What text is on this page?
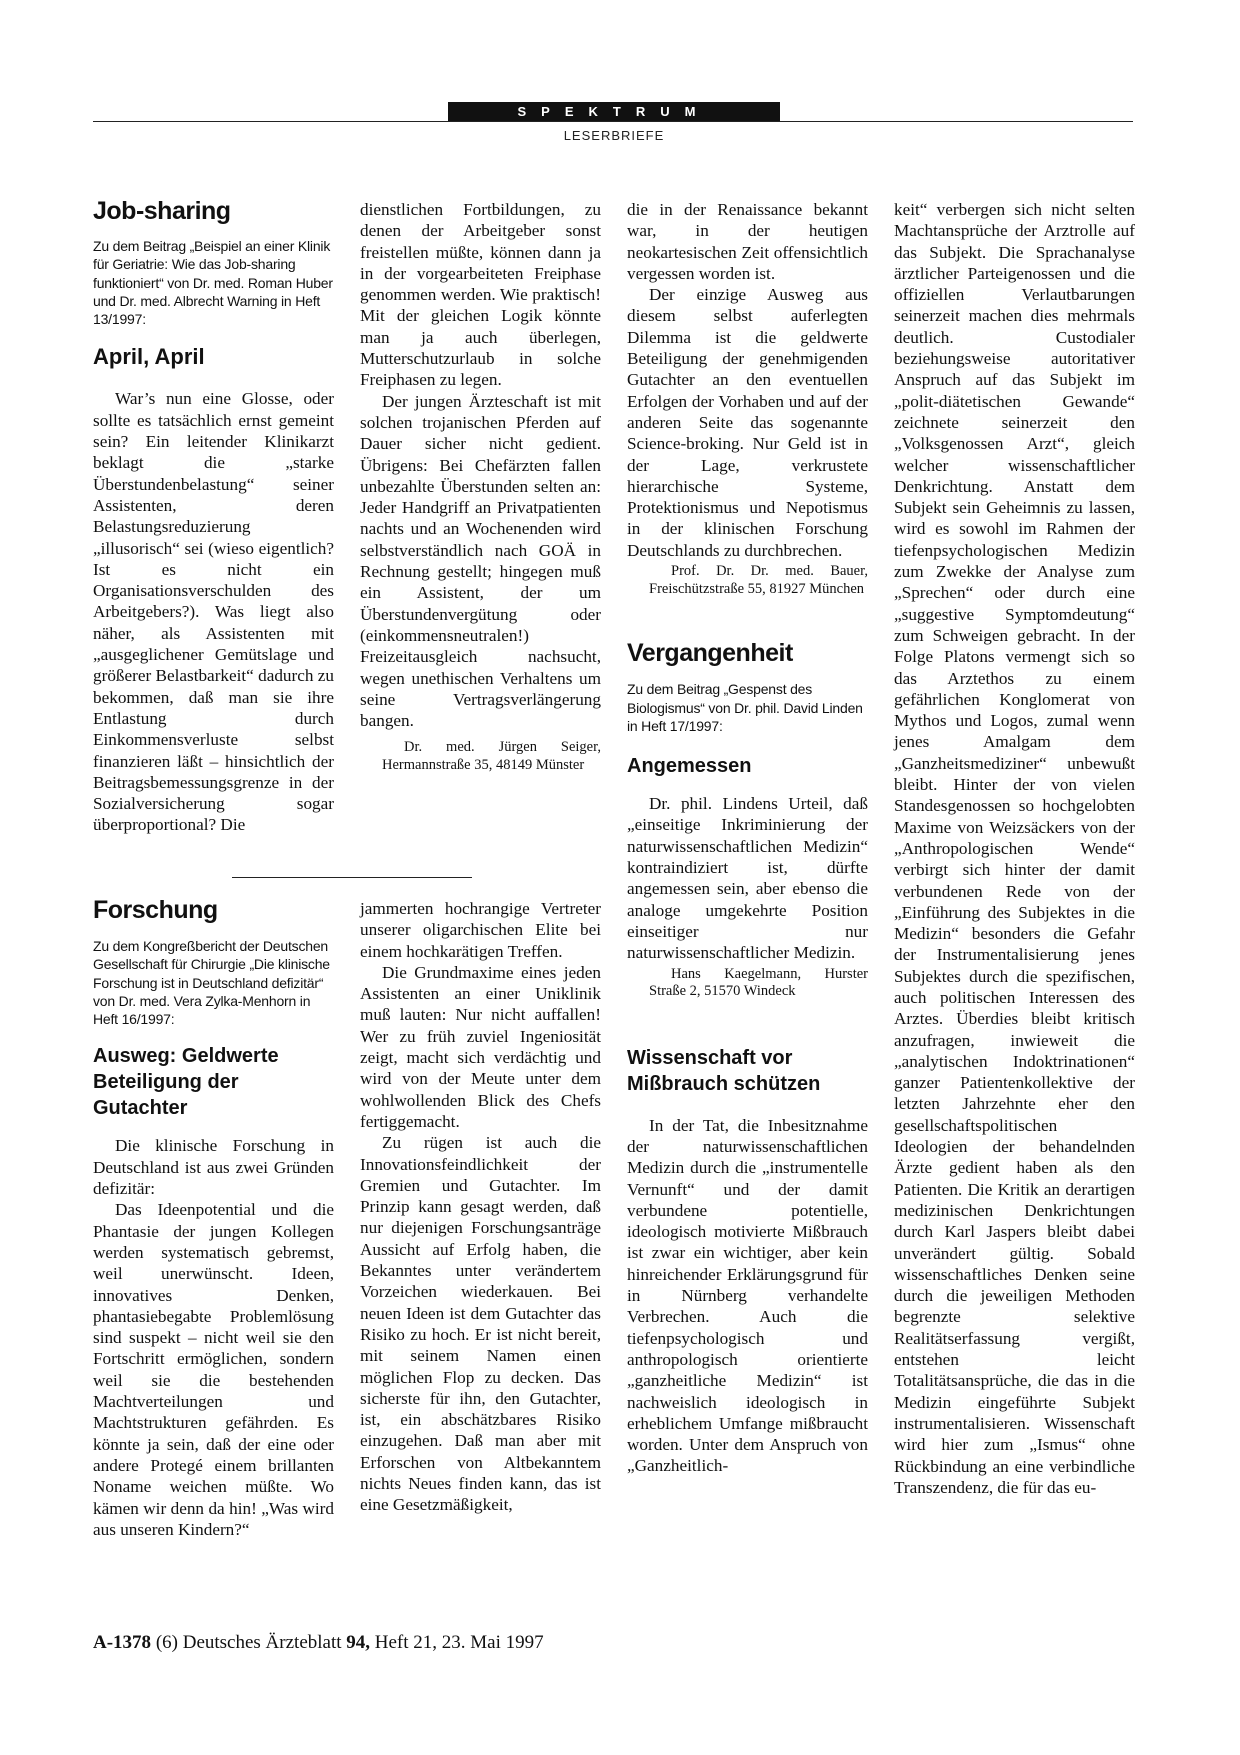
SPEKTRUM
LESERBRIEFE
Job-sharing

Zu dem Beitrag „Beispiel an einer Klinik für Geriatrie: Wie das Job-sharing funktioniert“ von Dr. med. Roman Huber und Dr. med. Albrecht Warning in Heft 13/1997:

April, April

War’s nun eine Glosse, oder sollte es tatsächlich ernst gemeint sein? Ein leitender Klinikarzt beklagt die „starke Überstundenbelastung“ seiner Assistenten, deren Belastungsreduzierung „illusorisch“ sei (wieso eigentlich? Ist es nicht ein Organisationsverschulden des Arbeitgebers?). Was liegt also näher, als Assistenten mit „ausgeglichener Gemütslage und größerer Belastbarkeit“ dadurch zu bekommen, daß man sie ihre Entlastung durch Einkommensverluste selbst finanzieren läßt – hinsichtlich der Beitragsbemessungsgrenze in der Sozialversicherung sogar überproportional? Die

dienstlichen Fortbildungen, zu denen der Arbeitgeber sonst freistellen müßte, können dann ja in der vorgearbeiteten Freiphase genommen werden. Wie praktisch! Mit der gleichen Logik könnte man ja auch überlegen, Mutterschutzurlaub in solche Freiphasen zu legen.

Der jungen Ärzteschaft ist mit solchen trojanischen Pferden auf Dauer sicher nicht gedient. Übrigens: Bei Chefärzten fallen unbezahlte Überstunden selten an: Jeder Handgriff an Privatpatienten nachts und an Wochenenden wird selbstverständlich nach GOÄ in Rechnung gestellt; hingegen muß ein Assistent, der um Überstundenvergütung oder (einkommensneutralen!) Freizeitausgleich nachsucht, wegen unethischen Verhaltens um seine Vertragsverlängerung bangen.

Dr. med. Jürgen Seiger, Hermannstraße 35, 48149 Münster

Forschung

Zu dem Kongreßbericht der Deutschen Gesellschaft für Chirurgie „Die klinische Forschung ist in Deutschland defizitär“ von Dr. med. Vera Zylka-Menhorn in Heft 16/1997:

Ausweg: Geldwerte Beteiligung der Gutachter

Die klinische Forschung in Deutschland ist aus zwei Gründen defizitär:

Das Ideenpotential und die Phantasie der jungen Kollegen werden systematisch gebremst, weil unerwünscht. Ideen, innovatives Denken, phantasiebegabte Problemlösung sind suspekt – nicht weil sie den Fortschritt ermöglichen, sondern weil sie die bestehenden Machtverteilungen und Machtstrukturen gefährden. Es könnte ja sein, daß der eine oder andere Protegé einem brillanten Noname weichen müßte. Wo kämen wir denn da hin! „Was wird aus unseren Kindern?“

jammerten hochrangige Vertreter unserer oligarchischen Elite bei einem hochkarätigen Treffen.

Die Grundmaxime eines jeden Assistenten an einer Uniklinik muß lauten: Nur nicht auffallen! Wer zu früh zuviel Ingeniosität zeigt, macht sich verdächtig und wird von der Meute unter dem wohlwollenden Blick des Chefs fertiggemacht.

Zu rügen ist auch die Innovationsfeindlichkeit der Gremien und Gutachter. Im Prinzip kann gesagt werden, daß nur diejenigen Forschungsanträge Aussicht auf Erfolg haben, die Bekanntes unter verändertem Vorzeichen wiederkauen. Bei neuen Ideen ist dem Gutachter das Risiko zu hoch. Er ist nicht bereit, mit seinem Namen einen möglichen Flop zu decken. Das sicherste für ihn, den Gutachter, ist, ein abschätzbares Risiko einzugehen. Daß man aber mit Erforschen von Altbekanntem nichts Neues finden kann, das ist eine Gesetzmäßigkeit,

die in der Renaissance bekannt war, in der heutigen neokartesischen Zeit offensichtlich vergessen worden ist.

Der einzige Ausweg aus diesem selbst auferlegten Dilemma ist die geldwerte Beteiligung der genehmigenden Gutachter an den eventuellen Erfolgen der Vorhaben und auf der anderen Seite das sogenannte Science-broking. Nur Geld ist in der Lage, verkrustete hierarchische Systeme, Protektionismus und Nepotismus in der klinischen Forschung Deutschlands zu durchbrechen.

Prof. Dr. Dr. med. Bauer, Freischützstraße 55, 81927 München

Vergangenheit

Zu dem Beitrag „Gespenst des Biologismus“ von Dr. phil. David Linden in Heft 17/1997:

Angemessen

Dr. phil. Lindens Urteil, daß „einseitige Inkriminierung der naturwissenschaftlichen Medizin“ kontraindiziert ist, dürfte angemessen sein, aber ebenso die analoge umgekehrte Position einseitiger nur naturwissenschaftlicher Medizin.

Hans Kaegelmann, Hurster Straße 2, 51570 Windeck

Wissenschaft vor Mißbrauch schützen

In der Tat, die Inbesitznahme der naturwissenschaftlichen Medizin durch die „instrumentelle Vernunft“ und der damit verbundene potentielle, ideologisch motivierte Mißbrauch ist zwar ein wichtiger, aber kein hinreichender Erklärungsgrund für in Nürnberg verhandelte Verbrechen. Auch die tiefenpsychologisch und anthropologisch orientierte „ganzheitliche Medizin“ ist nachweislich ideologisch in erheblichem Umfange mißbraucht worden. Unter dem Anspruch von „Ganzheitlich-

keit“ verbergen sich nicht selten Machtansprüche der Arztrolle auf das Subjekt. Die Sprachanalyse ärztlicher Parteigenossen und die offiziellen Verlautbarungen seinerzeit machen dies mehrmals deutlich. Custodialer beziehungsweise autoritativer Anspruch auf das Subjekt im „polit-diätetischen Gewande“ zeichnete seinerzeit den „Volksgenossen Arzt“, gleich welcher wissenschaftlicher Denkrichtung. Anstatt dem Subjekt sein Geheimnis zu lassen, wird es sowohl im Rahmen der tiefenpsychologischen Medizin zum Zwekke der Analyse zum „Sprechen“ oder durch eine „suggestive Symptomdeutung“ zum Schweigen gebracht. In der Folge Platons vermengt sich so das Arztethos zu einem gefährlichen Konglomerat von Mythos und Logos, zumal wenn jenes Amalgam dem „Ganzheitsmediziner“ unbewußt bleibt. Hinter der von vielen Standesgenossen so hochgelobten Maxime von Weizsäckers von der „Anthropologischen Wende“ verbirgt sich hinter der damit verbundenen Rede von der „Einführung des Subjektes in die Medizin“ besonders die Gefahr der Instrumentalisierung jenes Subjektes durch die spezifischen, auch politischen Interessen des Arztes. Überdies bleibt kritisch anzufragen, inwieweit die „analytischen Indoktrinationen“ ganzer Patientenkollektive der letzten Jahrzehnte eher den gesellschaftspolitischen Ideologien der behandelnden Ärzte gedient haben als den Patienten. Die Kritik an derartigen medizinischen Denkrichtungen durch Karl Jaspers bleibt dabei unverändert gültig. Sobald wissenschaftliches Denken seine durch die jeweiligen Methoden begrenzte selektive Realitätserfassung vergißt, entstehen leicht Totalitätsansprüche, die das in die Medizin eingeführte Subjekt instrumentalisieren. Wissenschaft wird hier zum „Ismus“ ohne Rückbindung an eine verbindliche Transzendenz, die für das eu-

A-1378 (6) Deutsches Ärzteblatt 94, Heft 21, 23. Mai 1997
